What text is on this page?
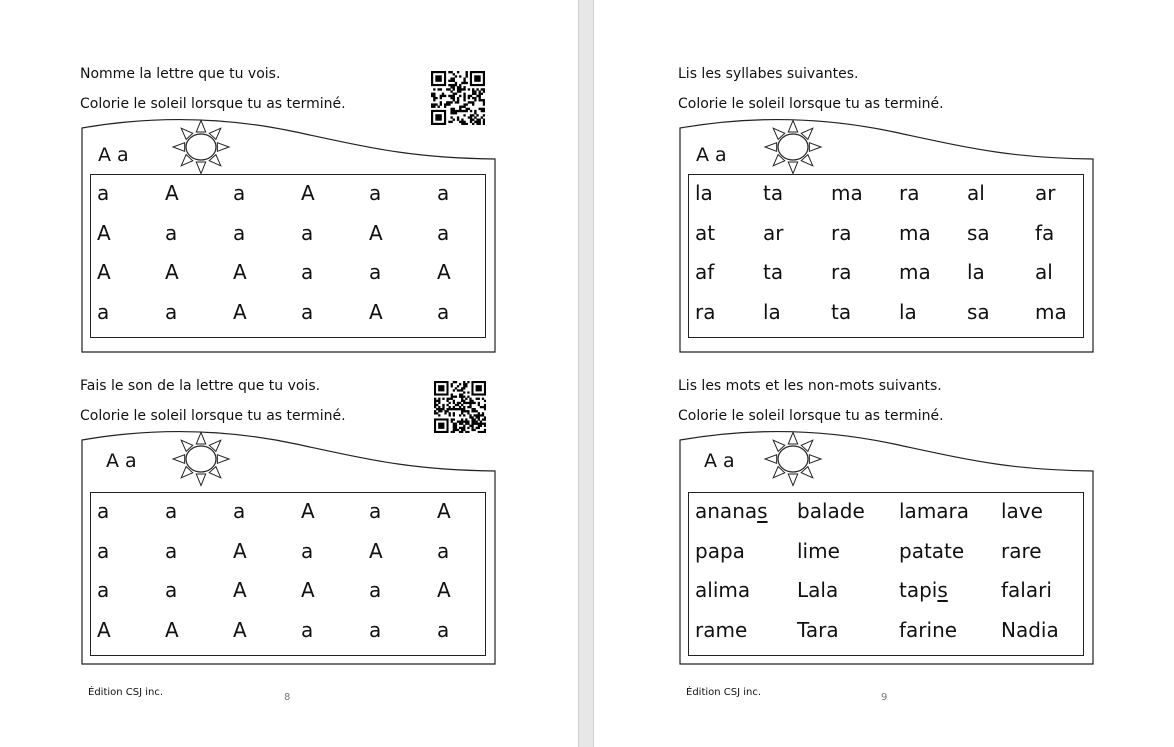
Nomme la lettre que tu vois.
Colorie le soleil lorsque tu as terminé.
A a
a	A	a	A	a	a
A	a	a	a	A	a
A	A	A	a	a	A
a	a	A	a	A	a
Fais le son de la lettre que tu vois.
Colorie le soleil lorsque tu as terminé.
A a
a	a	a	A	a	A
a	a	A	a	A	a
a	a	A	A	a	A
A	A	A	a	a	a
Édition CSJ inc.	8
Lis les syllabes suivantes.
Colorie le soleil lorsque tu as terminé.
A a
la	ta ma ra al	ar
at ar ra ma sa fa
af ta ra ma la	al
ra la	ta la	sa ma
Lis les mots et les non-mots suivants.
Colorie le soleil lorsque tu as terminé.
A a
ananas balade lamara lave
papa	lime	patate rare
alima Lala	tapis	falari
rame Tara	farine Nadia
Édition CSJ inc.	9
